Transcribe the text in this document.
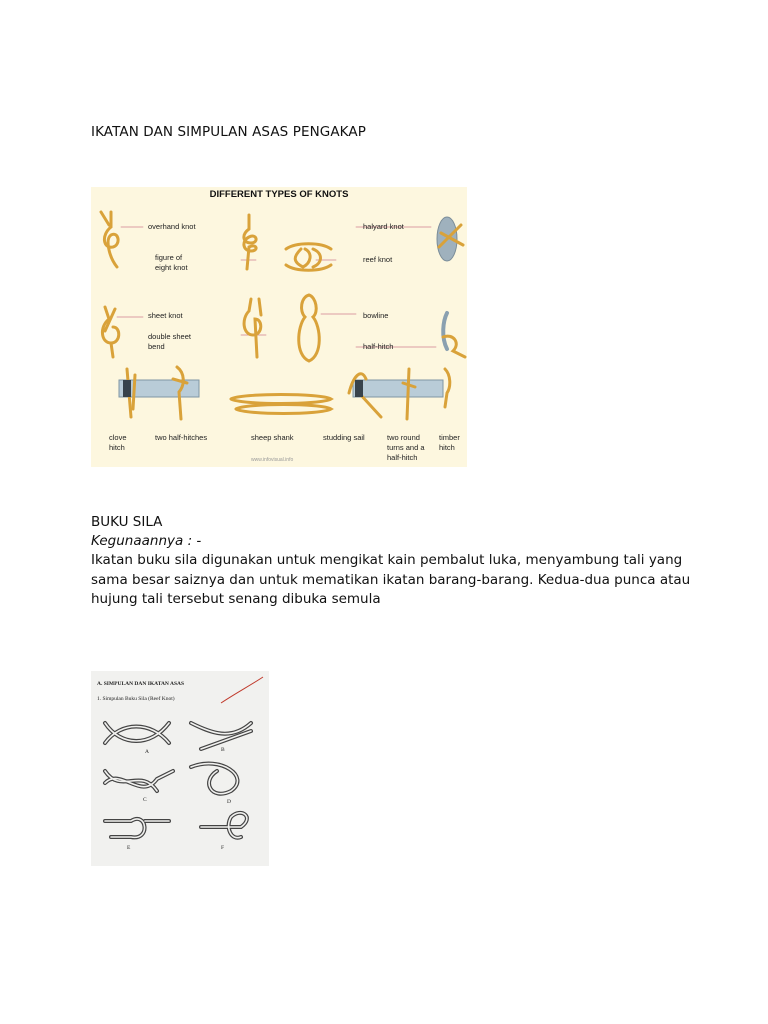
IKATAN DAN SIMPULAN ASAS PENGAKAP
DIFFERENT TYPES OF KNOTS
overhand knot
figure of
eight knot
halyard knot
reef knot
sheet knot
double sheet
bend
bowline
half-hitch
clove
hitch
two half-hitches	sheep shank	studding sail	two round
turns and a
half-hitch
timber
hitch
www.infovisual.info
BUKU SILA
Kegunaannya : -
Ikatan buku sila digunakan untuk mengikat kain pembalut luka, menyambung tali yang sama besar saiznya dan untuk mematikan ikatan barang-barang. Kedua-dua punca atau hujung tali tersebut senang dibuka semula
A. SIMPULAN DAN IKATAN ASAS
1. Simpulan Buku Sila (Reef Knot)
A	B
C	D
E	F
